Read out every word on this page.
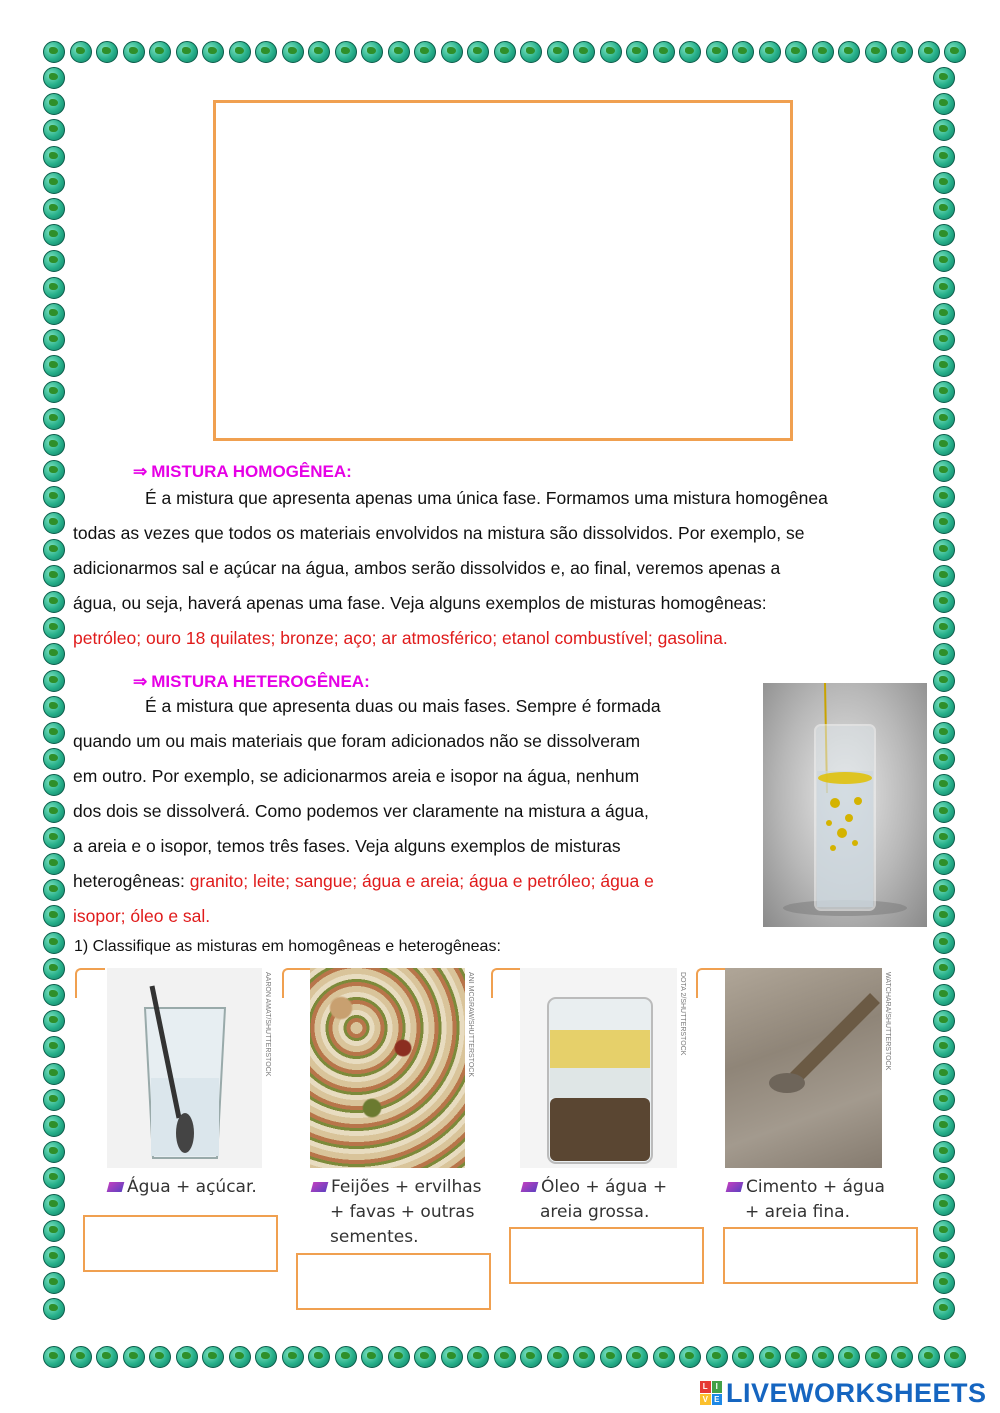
⇒ MISTURA HOMOGÊNEA:
É a mistura que apresenta apenas uma única fase. Formamos uma mistura homogênea
todas as vezes que todos os materiais envolvidos na mistura são dissolvidos. Por exemplo, se
adicionarmos sal e açúcar na água, ambos serão dissolvidos e, ao final, veremos apenas a
água, ou seja, haverá apenas uma fase. Veja alguns exemplos de misturas homogêneas:
petróleo; ouro 18 quilates; bronze; aço; ar atmosférico; etanol combustível; gasolina.
⇒ MISTURA HETEROGÊNEA:
É a mistura que apresenta duas ou mais fases. Sempre é formada
quando um ou mais materiais que foram adicionados não se dissolveram
em outro. Por exemplo, se adicionarmos areia e isopor na água, nenhum
dos dois se dissolverá. Como podemos ver claramente na mistura a água,
a areia e o isopor, temos três fases. Veja alguns exemplos de misturas
heterogêneas: granito; leite; sangue; água e areia; água e petróleo; água e
isopor; óleo e sal.
1) Classifique as misturas em homogêneas e heterogêneas:
AARON AMAT/SHUTTERSTOCK
Água + açúcar.
ANI MCGRAW/SHUTTERSTOCK
Feijões + ervilhas
+ favas + outras
sementes.
DOTA 2/SHUTTERSTOCK
Óleo + água +
areia grossa.
WATCHARA/SHUTTERSTOCK
Cimento + água
+ areia fina.
L I
V E LIVEWORKSHEETS
